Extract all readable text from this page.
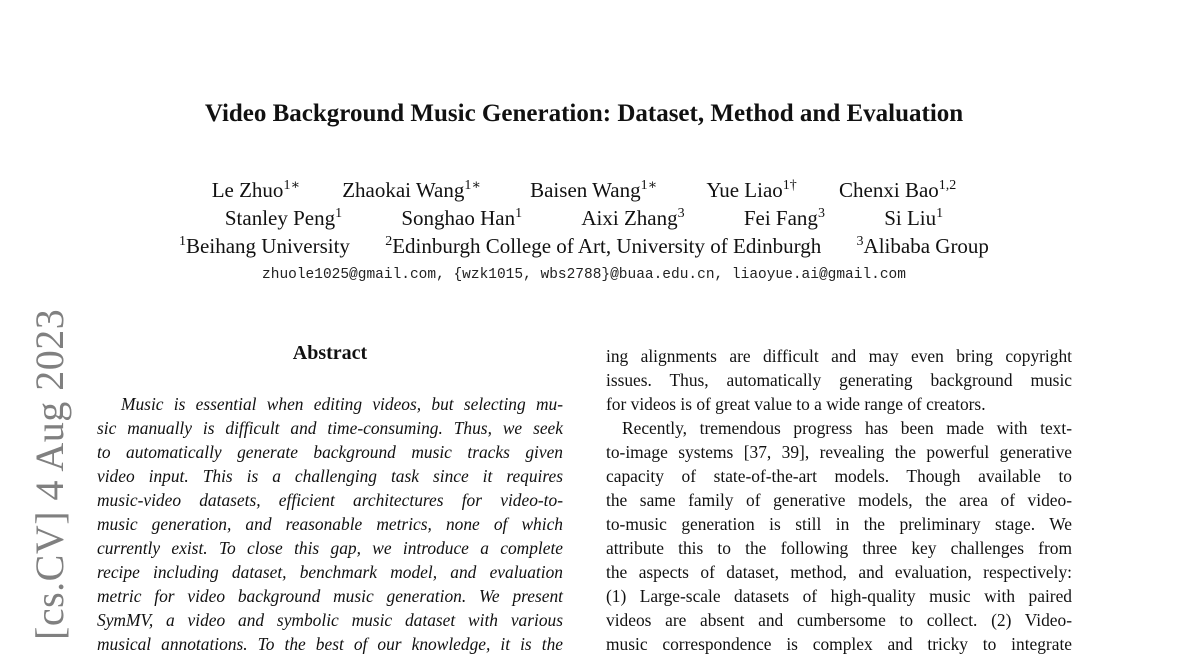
[cs.CV] 4 Aug 2023
Video Background Music Generation: Dataset, Method and Evaluation
Le Zhuo$^{1∗}$ Zhaokai Wang$^{1∗}$ Baisen Wang$^{1∗}$ Yue Liao$^{1\dagger}$ Chenxi Bao$^{1,2}$
Stanley Peng$^1$	Songhao Han$^1$	Aixi Zhang$^3$	Fei Fang$^3$	Si Liu$^1$
$^1$Beihang University	$^2$Edinburgh College of Art, University of Edinburgh	$^3$Alibaba Group
zhuole1025@gmail.com, {wzk1015, wbs2788}@buaa.edu.cn, liaoyue.ai@gmail.com
Abstract
Music is essential when editing videos, but selecting mu-
sic manually is difficult and time-consuming. Thus, we seek
to automatically generate background music tracks given
video input. This is a challenging task since it requires
music-video datasets, efficient architectures for video-to-
music generation, and reasonable metrics, none of which
currently exist. To close this gap, we introduce a complete
recipe including dataset, benchmark model, and evaluation
metric for video background music generation. We present
SymMV, a video and symbolic music dataset with various
musical annotations. To the best of our knowledge, it is the
ing alignments are difficult and may even bring copyright
issues. Thus, automatically generating background music
for videos is of great value to a wide range of creators.
Recently, tremendous progress has been made with text-
to-image systems [37, 39], revealing the powerful generative
capacity of state-of-the-art models. Though available to
the same family of generative models, the area of video-
to-music generation is still in the preliminary stage. We
attribute this to the following three key challenges from
the aspects of dataset, method, and evaluation, respectively:
(1) Large-scale datasets of high-quality music with paired
videos are absent and cumbersome to collect. (2) Video-
music correspondence is complex and tricky to integrate
